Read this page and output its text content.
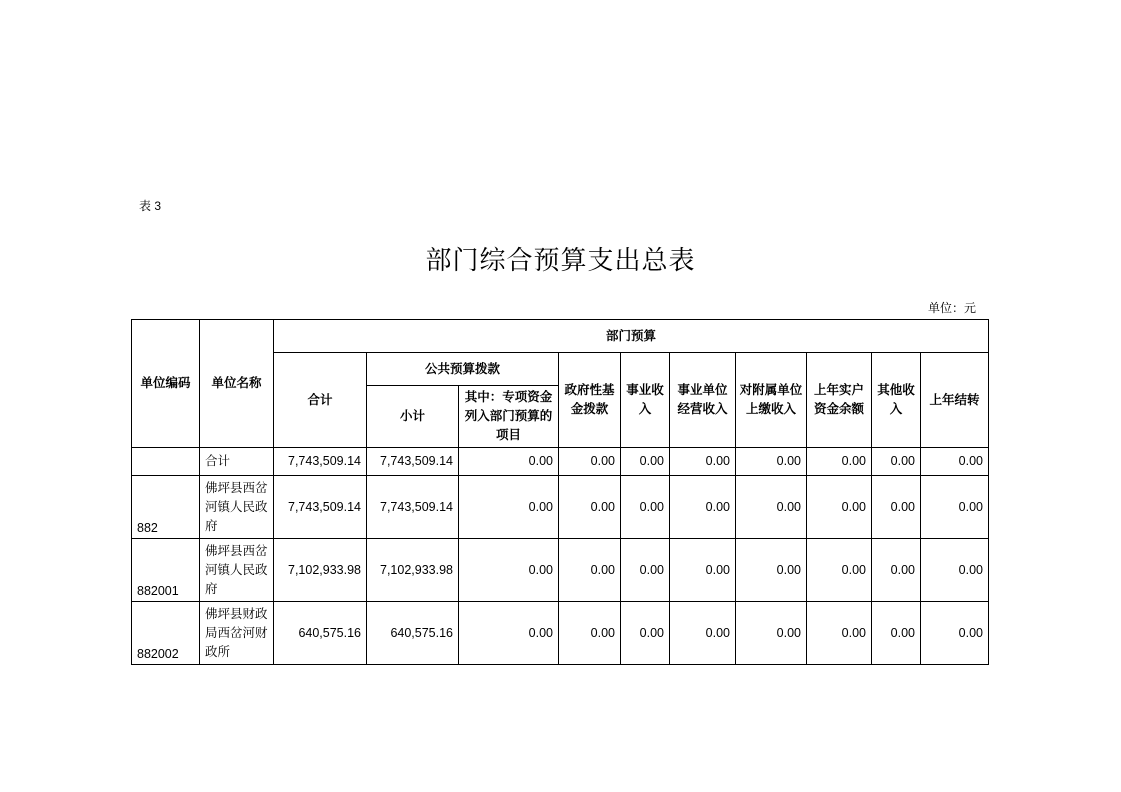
表 3
部门综合预算支出总表
单位：元
单位编码	单位名称	部门预算									
		合计	公共预算拨款		政府性基金拨款	事业收入	事业单位经营收入	对附属单位上缴收入	上年实户资金余额	其他收入	上年结转
			小计	其中：专项资金列入部门预算的项目							
	合计	7,743,509.14	7,743,509.14	0.00	0.00	0.00	0.00	0.00	0.00	0.00	0.00
882	佛坪县西岔河镇人民政府	7,743,509.14	7,743,509.14	0.00	0.00	0.00	0.00	0.00	0.00	0.00	0.00
882001	佛坪县西岔河镇人民政府	7,102,933.98	7,102,933.98	0.00	0.00	0.00	0.00	0.00	0.00	0.00	0.00
882002	佛坪县财政局西岔河财政所	640,575.16	640,575.16	0.00	0.00	0.00	0.00	0.00	0.00	0.00	0.00
